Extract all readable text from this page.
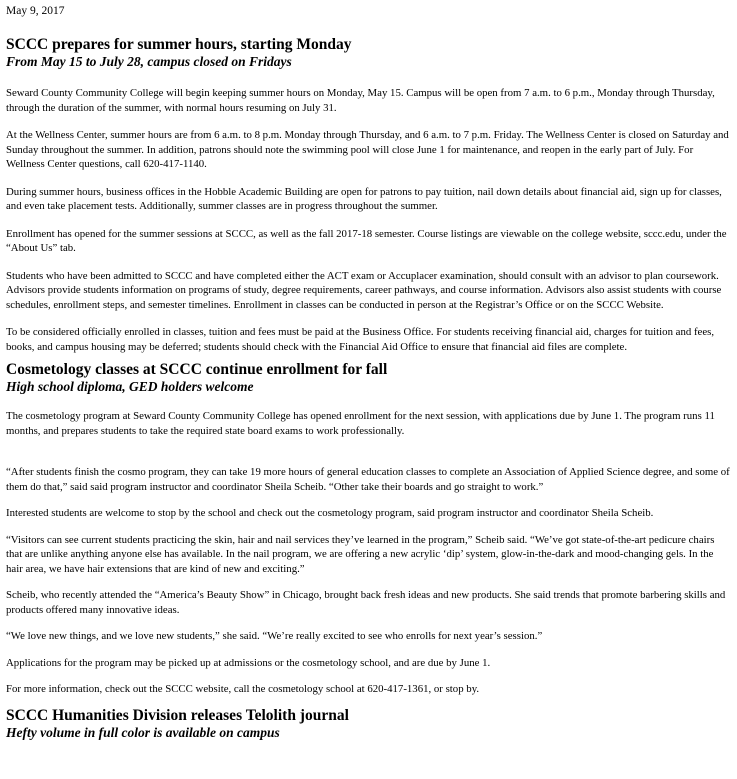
May 9, 2017
SCCC prepares for summer hours, starting Monday
From May 15 to July 28, campus closed on Fridays

Seward County Community College will begin keeping summer hours on Monday, May 15. Campus will be open from 7 a.m. to 6 p.m., Monday through Thursday, through the duration of the summer, with normal hours resuming on July 31.

At the Wellness Center, summer hours are from 6 a.m. to 8 p.m. Monday through Thursday, and 6 a.m. to 7 p.m. Friday. The Wellness Center is closed on Saturday and Sunday throughout the summer. In addition, patrons should note the swimming pool will close June 1 for maintenance, and reopen in the early part of July. For Wellness Center questions, call 620-417-1140.

During summer hours, business offices in the Hobble Academic Building are open for patrons to pay tuition, nail down details about financial aid, sign up for classes, and even take placement tests. Additionally, summer classes are in progress throughout the summer.

Enrollment has opened for the summer sessions at SCCC, as well as the fall 2017-18 semester. Course listings are viewable on the college website, sccc.edu, under the “About Us” tab.

Students who have been admitted to SCCC and have completed either the ACT exam or Accuplacer examination, should consult with an advisor to plan coursework. Advisors provide students information on programs of study, degree requirements, career pathways, and course information. Advisors also assist students with course schedules, enrollment steps, and semester timelines. Enrollment in classes can be conducted in person at the Registrar’s Office or on the SCCC Website.

To be considered officially enrolled in classes, tuition and fees must be paid at the Business Office. For students receiving financial aid, charges for tuition and fees, books, and campus housing may be deferred; students should check with the Financial Aid Office to ensure that financial aid files are complete.

Cosmetology classes at SCCC continue enrollment for fall
High school diploma, GED holders welcome

The cosmetology program at Seward County Community College has opened enrollment for the next session, with applications due by June 1. The program runs 11 months, and prepares students to take the required state board exams to work professionally.

“After students finish the cosmo program, they can take 19 more hours of general education classes to complete an Association of Applied Science degree, and some of them do that,” said said program instructor and coordinator Sheila Scheib. “Other take their boards and go straight to work.”

Interested students are welcome to stop by the school and check out the cosmetology program, said program instructor and coordinator Sheila Scheib.

“Visitors can see current students practicing the skin, hair and nail services they’ve learned in the program,” Scheib said. “We’ve got state-of-the-art pedicure chairs that are unlike anything anyone else has available. In the nail program, we are offering a new acrylic ‘dip’ system, glow-in-the-dark and mood-changing gels. In the hair area, we have hair extensions that are kind of new and exciting.”

Scheib, who recently attended the “America’s Beauty Show” in Chicago, brought back fresh ideas and new products. She said trends that promote barbering skills and products offered many innovative ideas.

“We love new things, and we love new students,” she said. “We’re really excited to see who enrolls for next year’s session.”

Applications for the program may be picked up at admissions or the cosmetology school, and are due by June 1.

For more information, check out the SCCC website, call the cosmetology school at 620-417-1361, or stop by.

SCCC Humanities Division releases Telolith journal
Hefty volume in full color is available on campus
